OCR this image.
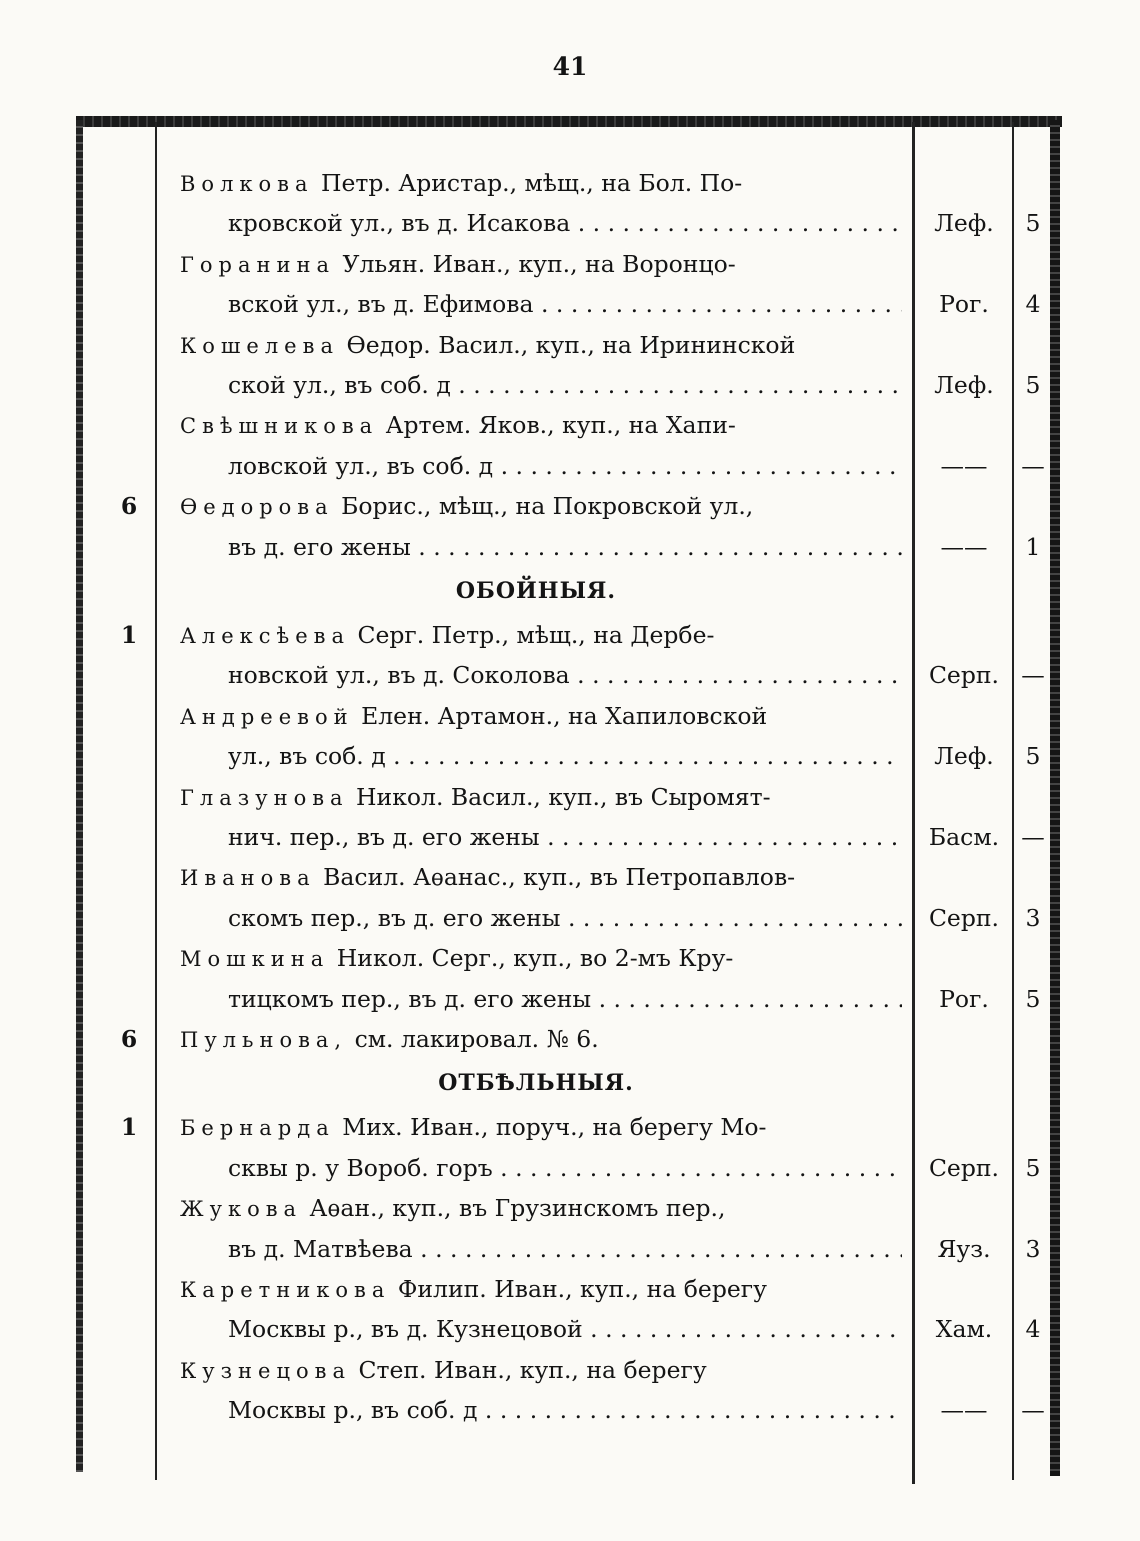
41
Волкова Петр. Аристар., мѣщ., на Бол. По-
кровской ул., въ д. Исакова . . .	Леф.	5
Горанина Ульян. Иван., куп., на Воронцо-
вской ул., въ д. Ефимова . . .	Рог.	4
Кошелева Ѳедор. Васил., куп., на Ирининской
ской ул., въ соб. д . . .	Леф.	5
Свѣшникова Артем. Яков., куп., на Хапи-
ловской ул., въ соб. д . . .	——	—
6	Ѳедорова Борис., мѣщ., на Покровской ул.,
въ д. его жены . . .	——	1
ОБОЙНЫЯ.
1	Алексѣева Серг. Петр., мѣщ., на Дербе-
новской ул., въ д. Соколова . . .	Серп. —
Андреевой Елен. Артамон., на Хапиловской
ул., въ соб. д . . .	Леф.	5
Глазунова Никол. Васил., куп., въ Сыромят-
нич. пер., въ д. его жены . . .	Басм. —
Иванова Васил. Аѳанас., куп., въ Петропавлов-
скомъ пер., въ д. его жены . . .	Серп.	3
Мошкина Никол. Серг., куп., во 2-мъ Кру-
тицкомъ пер., въ д. его жены . . .	Рог.	5
6	Пульнова, см. лакировал. № 6.
ОТБѢЛЬНЫЯ.
1	Бернарда Мих. Иван., поруч., на берегу Мо-
сквы р. у Вороб. горъ . . .	Серп.	5
Жукова Аѳан., куп., въ Грузинскомъ пер.,
въ д. Матвѣева . . .	Яуз.	3
Каретникова Филип. Иван., куп., на берегу
Москвы р., въ д. Кузнецовой . . .	Хам.	4
Кузнецова Степ. Иван., куп., на берегу
Москвы р., въ соб. д . . .	——	—
